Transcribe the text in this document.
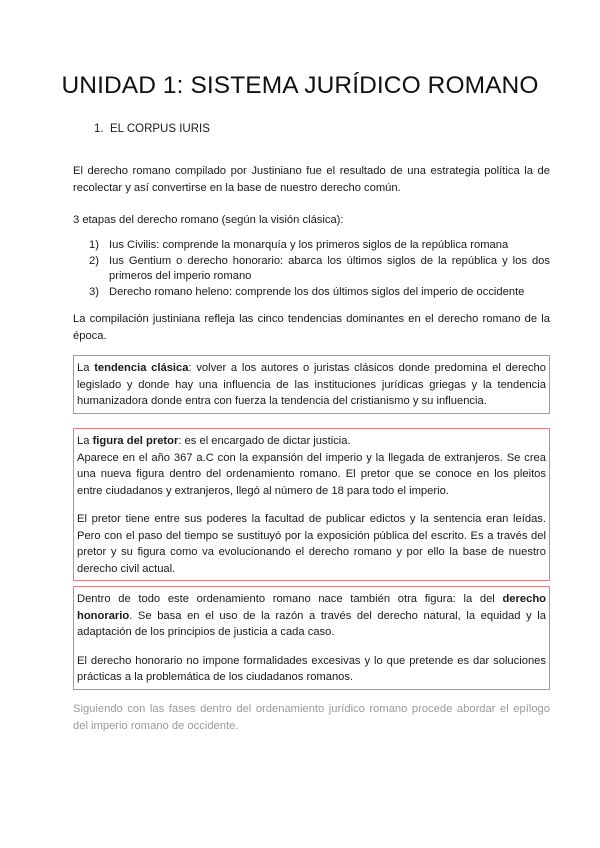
UNIDAD 1: SISTEMA JURÍDICO ROMANO
1. EL CORPUS IURIS

El derecho romano compilado por Justiniano fue el resultado de una estrategia política la de recolectar y así convertirse en la base de nuestro derecho común.

3 etapas del derecho romano (según la visión clásica):

1) Ius Civilis: comprende la monarquía y los primeros siglos de la república romana
2) Ius Gentium o derecho honorario: abarca los últimos siglos de la república y los dos primeros del imperio romano
3) Derecho romano heleno: comprende los dos últimos siglos del imperio de occidente

La compilación justiniana refleja las cinco tendencias dominantes en el derecho romano de la época.

La tendencia clásica: volver a los autores o juristas clásicos donde predomina el derecho legislado y donde hay una influencia de las instituciones jurídicas griegas y la tendencia humanizadora donde entra con fuerza la tendencia del cristianismo y su influencia.

La figura del pretor: es el encargado de dictar justicia.
Aparece en el año 367 a.C con la expansión del imperio y la llegada de extranjeros. Se crea una nueva figura dentro del ordenamiento romano. El pretor que se conoce en los pleitos entre ciudadanos y extranjeros, llegó al número de 18 para todo el imperio.

El pretor tiene entre sus poderes la facultad de publicar edictos y la sentencia eran leídas. Pero con el paso del tiempo se sustituyó por la exposición pública del escrito. Es a través del pretor y su figura como va evolucionando el derecho romano y por ello la base de nuestro derecho civil actual.

Dentro de todo este ordenamiento romano nace también otra figura: la del derecho honorario. Se basa en el uso de la razón a través del derecho natural, la equidad y la adaptación de los principios de justicia a cada caso.

El derecho honorario no impone formalidades excesivas y lo que pretende es dar soluciones prácticas a la problemática de los ciudadanos romanos.

Siguiendo con las fases dentro del ordenamiento jurídico romano procede abordar el epílogo del imperio romano de occidente.
